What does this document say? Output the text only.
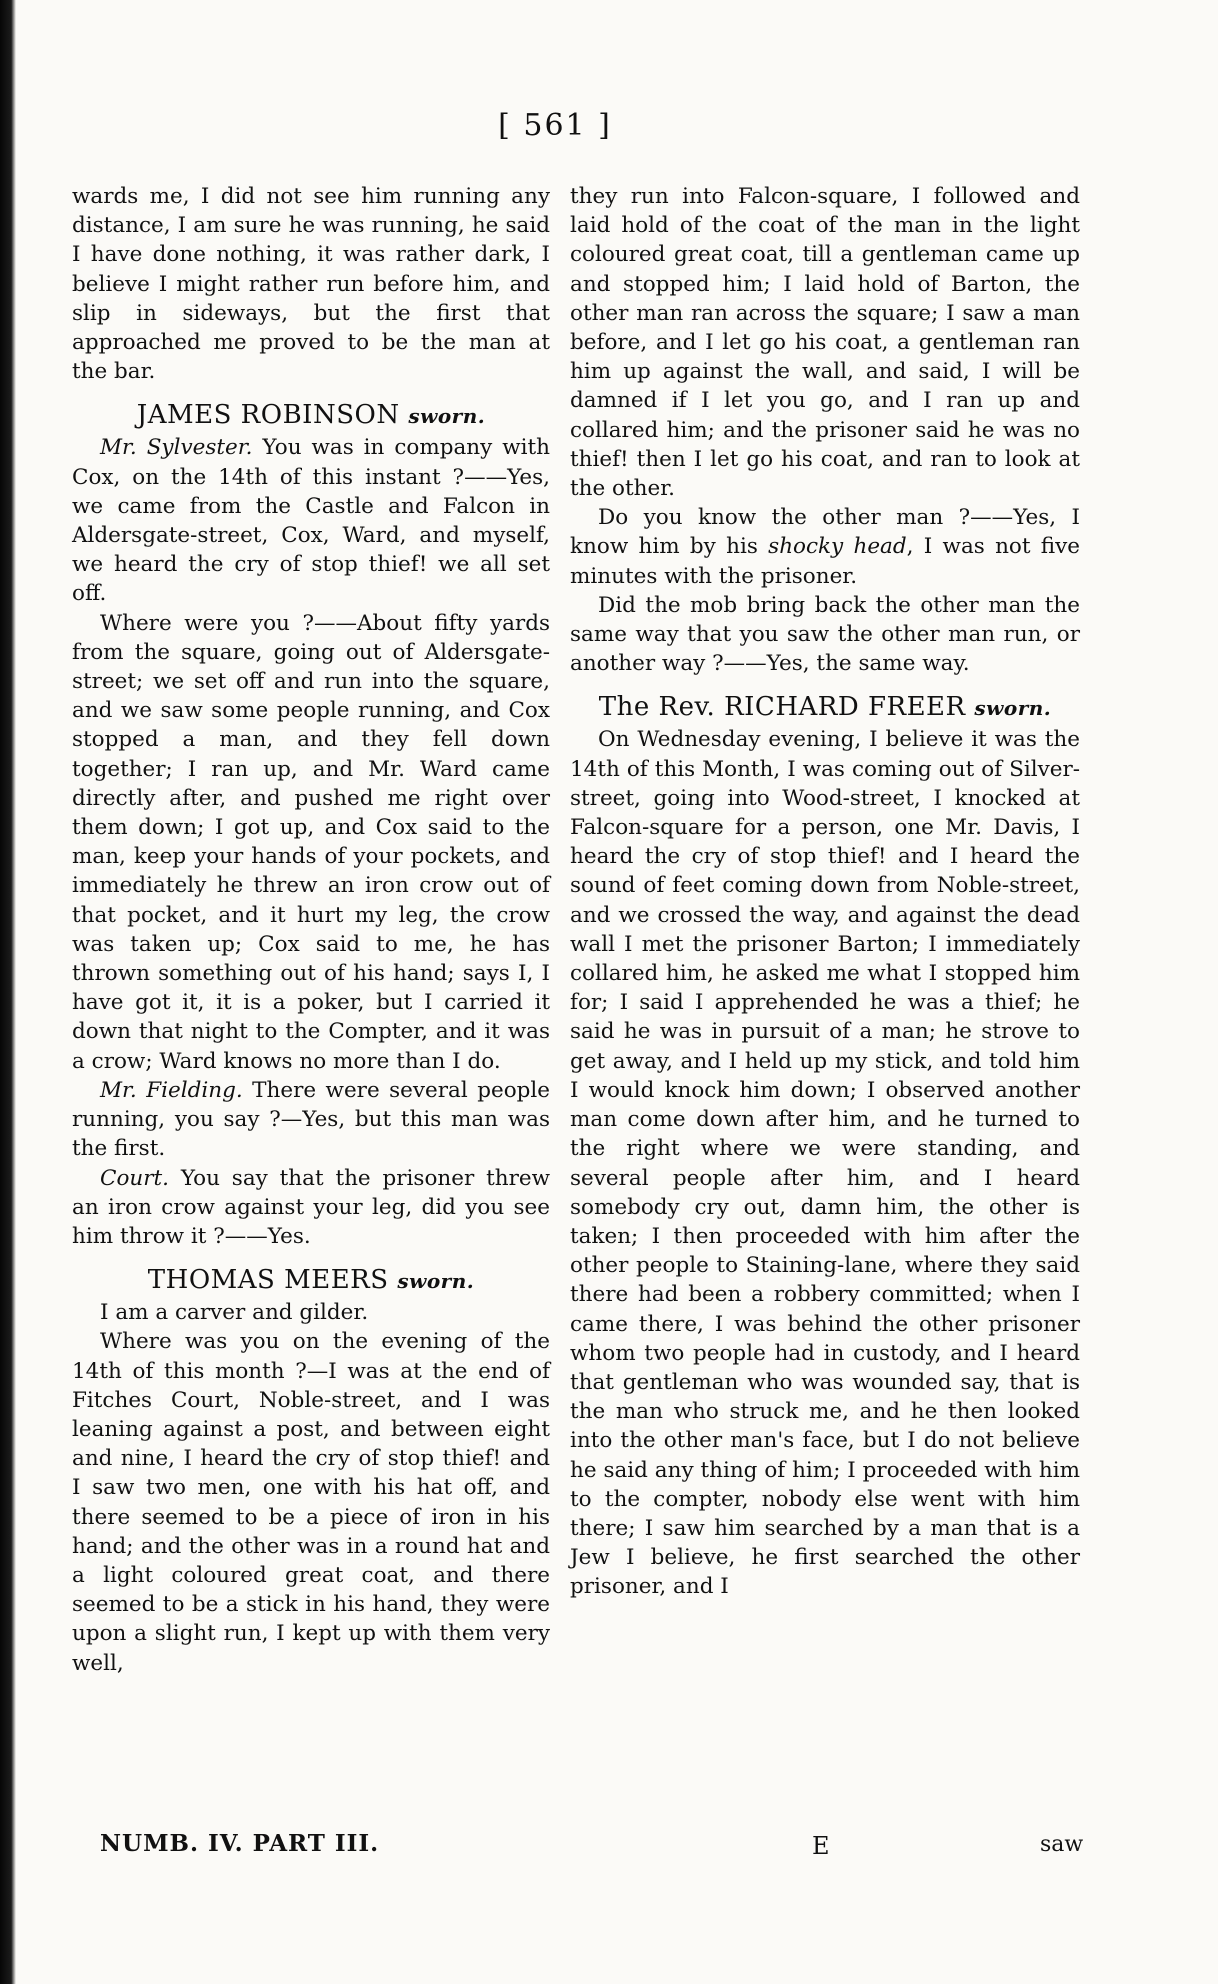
[ 561 ]

wards me, I did not see him running any distance, I am sure he was running, he said I have done nothing, it was rather dark, I believe I might rather run before him, and slip in sideways, but the first that approached me proved to be the man at the bar.

JAMES ROBINSON sworn.

Mr. Sylvester. You was in company with Cox, on the 14th of this instant ?——Yes, we came from the Castle and Falcon in Aldersgate-street, Cox, Ward, and myself, we heard the cry of stop thief! we all set off.

Where were you ?——About fifty yards from the square, going out of Aldersgate-street; we set off and run into the square, and we saw some people running, and Cox stopped a man, and they fell down together; I ran up, and Mr. Ward came directly after, and pushed me right over them down; I got up, and Cox said to the man, keep your hands of your pockets, and immediately he threw an iron crow out of that pocket, and it hurt my leg, the crow was taken up; Cox said to me, he has thrown something out of his hand; says I, I have got it, it is a poker, but I carried it down that night to the Compter, and it was a crow; Ward knows no more than I do.

Mr. Fielding. There were several people running, you say ?—Yes, but this man was the first.

Court. You say that the prisoner threw an iron crow against your leg, did you see him throw it ?——Yes.

THOMAS MEERS sworn.

I am a carver and gilder.

Where was you on the evening of the 14th of this month ?—I was at the end of Fitches Court, Noble-street, and I was leaning against a post, and between eight and nine, I heard the cry of stop thief! and I saw two men, one with his hat off, and there seemed to be a piece of iron in his hand; and the other was in a round hat and a light coloured great coat, and there seemed to be a stick in his hand, they were upon a slight run, I kept up with them very well,

they run into Falcon-square, I followed and laid hold of the coat of the man in the light coloured great coat, till a gentleman came up and stopped him; I laid hold of Barton, the other man ran across the square; I saw a man before, and I let go his coat, a gentleman ran him up against the wall, and said, I will be damned if I let you go, and I ran up and collared him; and the prisoner said he was no thief! then I let go his coat, and ran to look at the other.

Do you know the other man ?——Yes, I know him by his shocky head, I was not five minutes with the prisoner.

Did the mob bring back the other man the same way that you saw the other man run, or another way ?——Yes, the same way.

The Rev. RICHARD FREER sworn.

On Wednesday evening, I believe it was the 14th of this Month, I was coming out of Silver-street, going into Wood-street, I knocked at Falcon-square for a person, one Mr. Davis, I heard the cry of stop thief! and I heard the sound of feet coming down from Noble-street, and we crossed the way, and against the dead wall I met the prisoner Barton; I immediately collared him, he asked me what I stopped him for; I said I apprehended he was a thief; he said he was in pursuit of a man; he strove to get away, and I held up my stick, and told him I would knock him down; I observed another man come down after him, and he turned to the right where we were standing, and several people after him, and I heard somebody cry out, damn him, the other is taken; I then proceeded with him after the other people to Staining-lane, where they said there had been a robbery committed; when I came there, I was behind the other prisoner whom two people had in custody, and I heard that gentleman who was wounded say, that is the man who struck me, and he then looked into the other man's face, but I do not believe he said any thing of him; I proceeded with him to the compter, nobody else went with him there; I saw him searched by a man that is a Jew I believe, he first searched the other prisoner, and I

NUMB. IV. PART III.	E	saw
